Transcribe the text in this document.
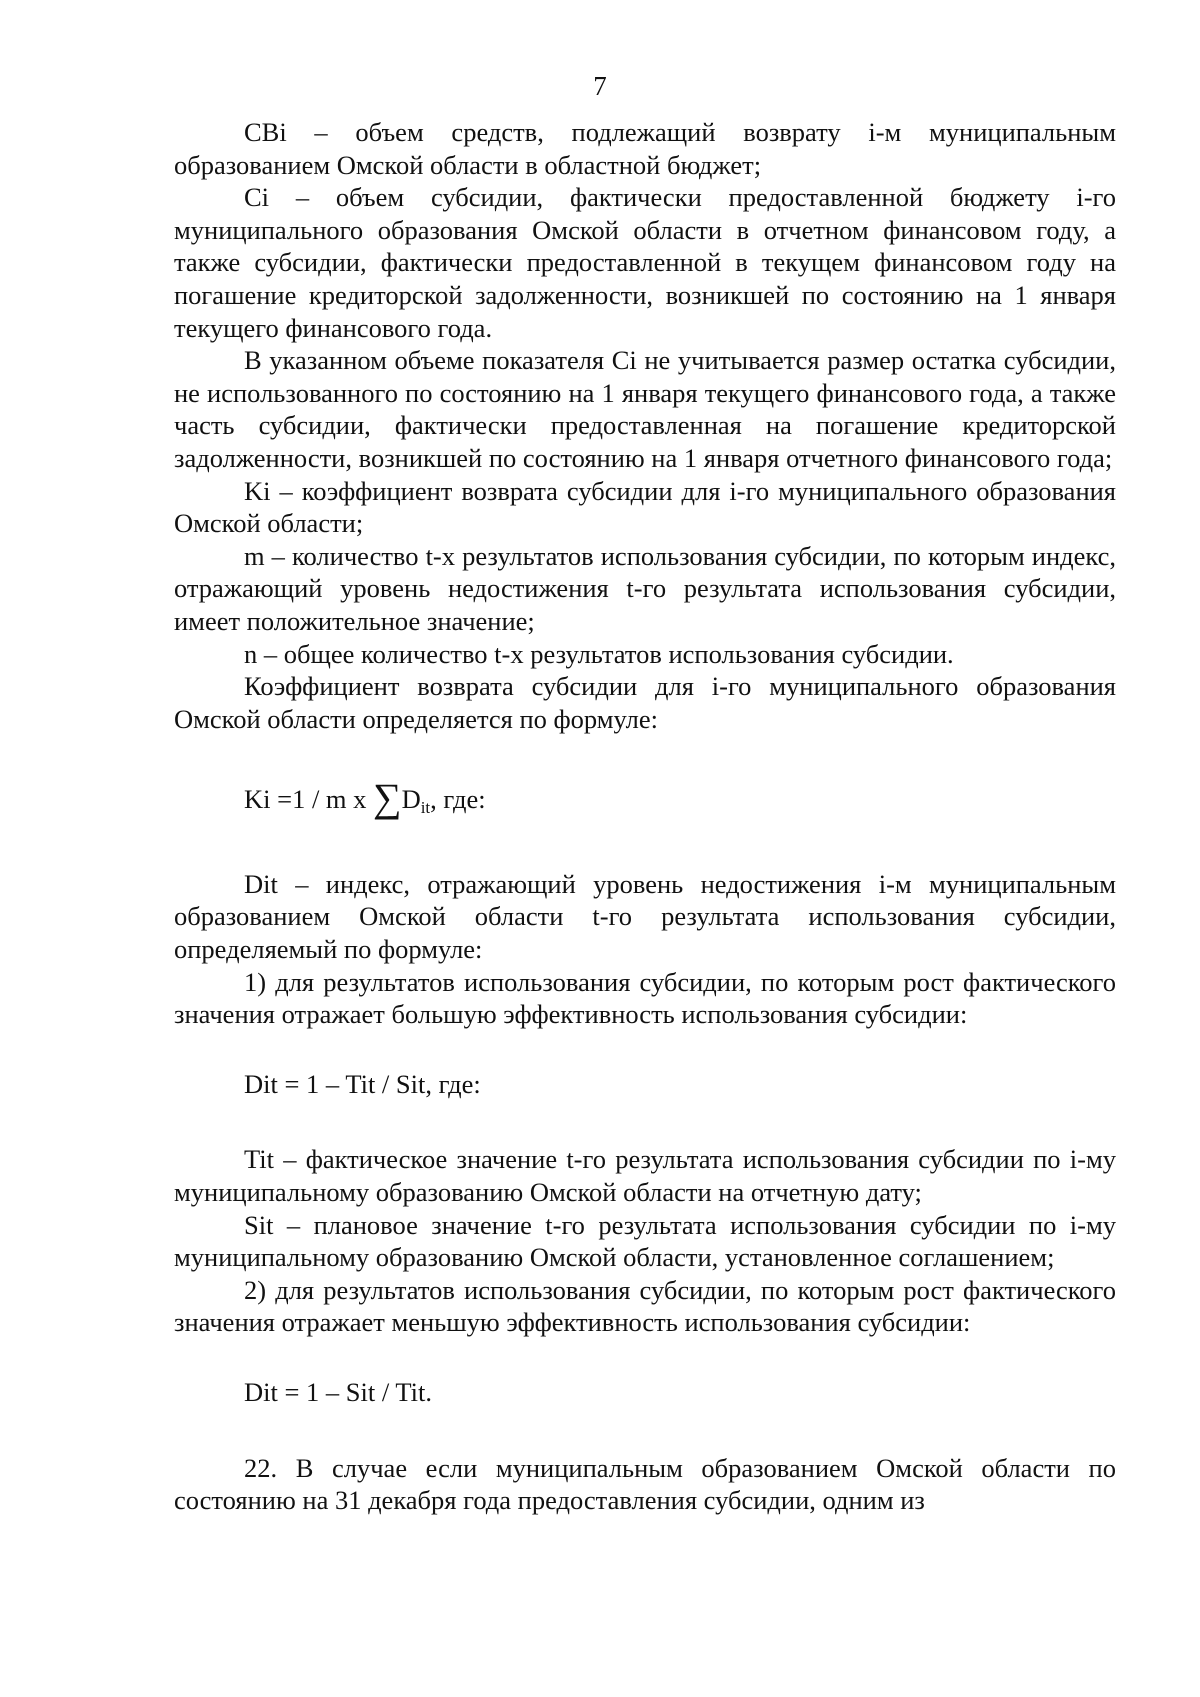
7

СВi – объем средств, подлежащий возврату i-м муниципальным образованием Омской области в областной бюджет;

Сi – объем субсидии, фактически предоставленной бюджету i-го муниципального образования Омской области в отчетном финансовом году, а также субсидии, фактически предоставленной в текущем финансовом году на погашение кредиторской задолженности, возникшей по состоянию на 1 января текущего финансового года.

В указанном объеме показателя Сi не учитывается размер остатка субсидии, не использованного по состоянию на 1 января текущего финансового года, а также часть субсидии, фактически предоставленная на погашение кредиторской задолженности, возникшей по состоянию на 1 января отчетного финансового года;

Ki – коэффициент возврата субсидии для i-го муниципального образования Омской области;

m – количество t-х результатов использования субсидии, по которым индекс, отражающий уровень недостижения t-го результата использования субсидии, имеет положительное значение;

n – общее количество t-х результатов использования субсидии.

Коэффициент возврата субсидии для i-го муниципального образования Омской области определяется по формуле:

Ki =1 / m x $\sum D_{it}$, где:

Dit – индекс, отражающий уровень недостижения i-м муниципальным образованием Омской области t-го результата использования субсидии, определяемый по формуле:

1) для результатов использования субсидии, по которым рост фактического значения отражает большую эффективность использования субсидии:

Dit = 1 – Tit / Sit, где:

Tit – фактическое значение t-го результата использования субсидии по i-му муниципальному образованию Омской области на отчетную дату;

Sit – плановое значение t-го результата использования субсидии по i-му муниципальному образованию Омской области, установленное соглашением;

2) для результатов использования субсидии, по которым рост фактического значения отражает меньшую эффективность использования субсидии:

Dit = 1 – Sit / Tit.

22. В случае если муниципальным образованием Омской области по состоянию на 31 декабря года предоставления субсидии, одним из
